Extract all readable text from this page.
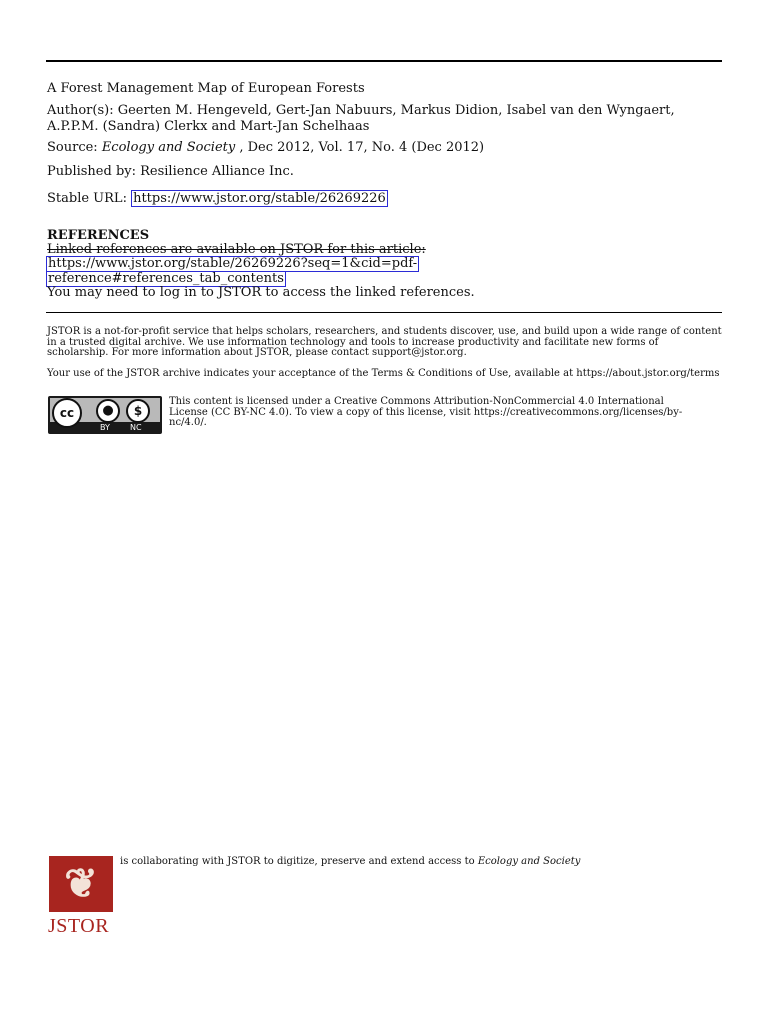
A Forest Management Map of European Forests
Author(s): Geerten M. Hengeveld, Gert-Jan Nabuurs, Markus Didion, Isabel van den Wyngaert, A.P.P.M. (Sandra) Clerkx and Mart-Jan Schelhaas
Source: Ecology and Society , Dec 2012, Vol. 17, No. 4 (Dec 2012)
Published by: Resilience Alliance Inc.
Stable URL: https://www.jstor.org/stable/26269226
REFERENCES
Linked references are available on JSTOR for this article:
https://www.jstor.org/stable/26269226?seq=1&cid=pdf-
reference#references_tab_contents
You may need to log in to JSTOR to access the linked references.
JSTOR is a not-for-profit service that helps scholars, researchers, and students discover, use, and build upon a wide range of content in a trusted digital archive. We use information technology and tools to increase productivity and facilitate new forms of scholarship. For more information about JSTOR, please contact support@jstor.org.
Your use of the JSTOR archive indicates your acceptance of the Terms & Conditions of Use, available at https://about.jstor.org/terms
cc	●	$
BY	NC
This content is licensed under a Creative Commons Attribution-NonCommercial 4.0 International License (CC BY-NC 4.0). To view a copy of this license, visit https://creativecommons.org/licenses/by-nc/4.0/.
❦
JSTOR
is collaborating with JSTOR to digitize, preserve and extend access to Ecology and Society
